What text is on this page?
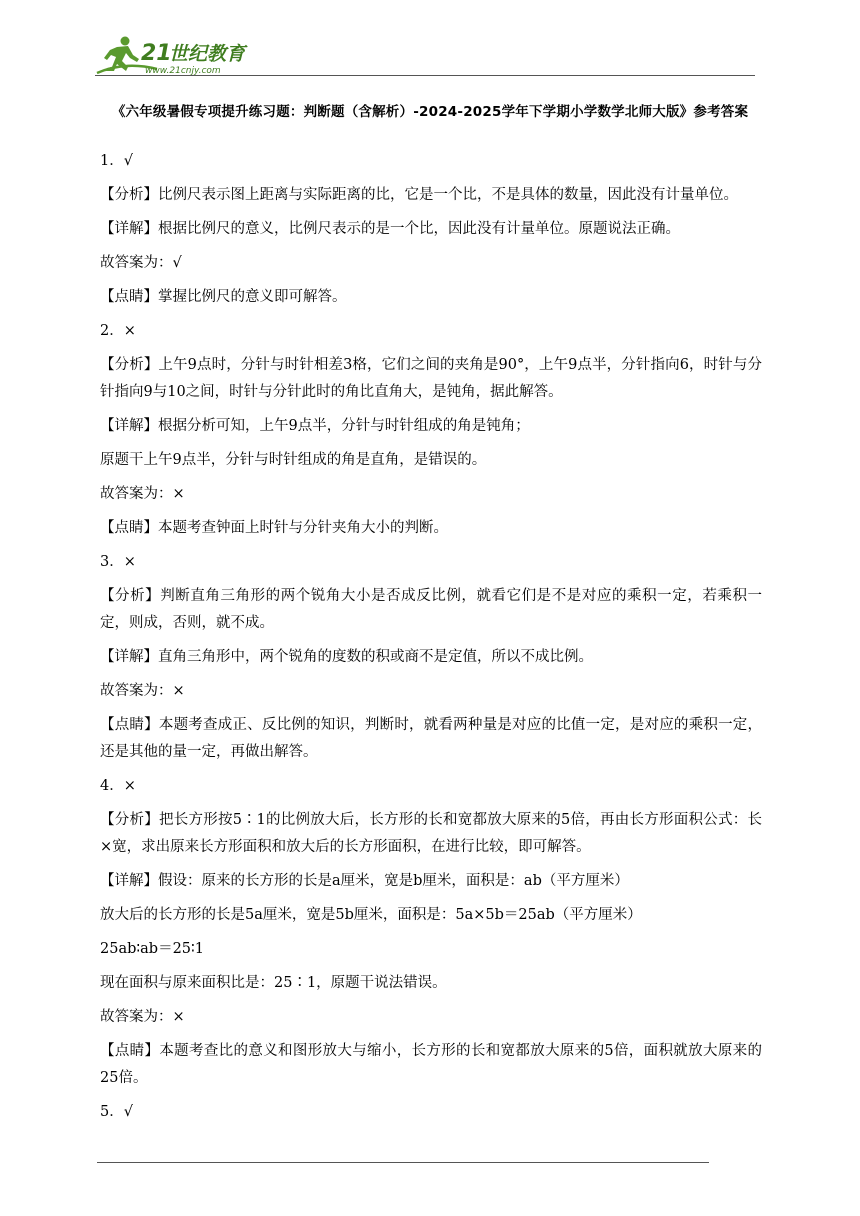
21
世纪教育
www.21cnjy.com
《六年级暑假专项提升练习题：判断题（含解析）-2024-2025学年下学期小学数学北师大版》参考答案

1．√

【分析】比例尺表示图上距离与实际距离的比，它是一个比，不是具体的数量，因此没有计量单位。

【详解】根据比例尺的意义，比例尺表示的是一个比，因此没有计量单位。原题说法正确。

故答案为：√

【点睛】掌握比例尺的意义即可解答。

2．×

【分析】上午9点时，分针与时针相差3格，它们之间的夹角是90°，上午9点半，分针指向6，时针与分针指向9与10之间，时针与分针此时的角比直角大，是钝角，据此解答。

【详解】根据分析可知，上午9点半，分针与时针组成的角是钝角；

原题干上午9点半，分针与时针组成的角是直角，是错误的。

故答案为：×

【点睛】本题考查钟面上时针与分针夹角大小的判断。

3．×

【分析】判断直角三角形的两个锐角大小是否成反比例，就看它们是不是对应的乘积一定，若乘积一定，则成，否则，就不成。

【详解】直角三角形中，两个锐角的度数的积或商不是定值，所以不成比例。

故答案为：×

【点睛】本题考查成正、反比例的知识，判断时，就看两种量是对应的比值一定，是对应的乘积一定，还是其他的量一定，再做出解答。

4．×

【分析】把长方形按5∶1的比例放大后，长方形的长和宽都放大原来的5倍，再由长方形面积公式：长×宽，求出原来长方形面积和放大后的长方形面积，在进行比较，即可解答。

【详解】假设：原来的长方形的长是a厘米，宽是b厘米，面积是：ab（平方厘米）

放大后的长方形的长是5a厘米，宽是5b厘米，面积是：5a×5b＝25ab（平方厘米）

25ab∶ab＝25∶1

现在面积与原来面积比是：25∶1，原题干说法错误。

故答案为：×

【点睛】本题考查比的意义和图形放大与缩小，长方形的长和宽都放大原来的5倍，面积就放大原来的25倍。

5．√
